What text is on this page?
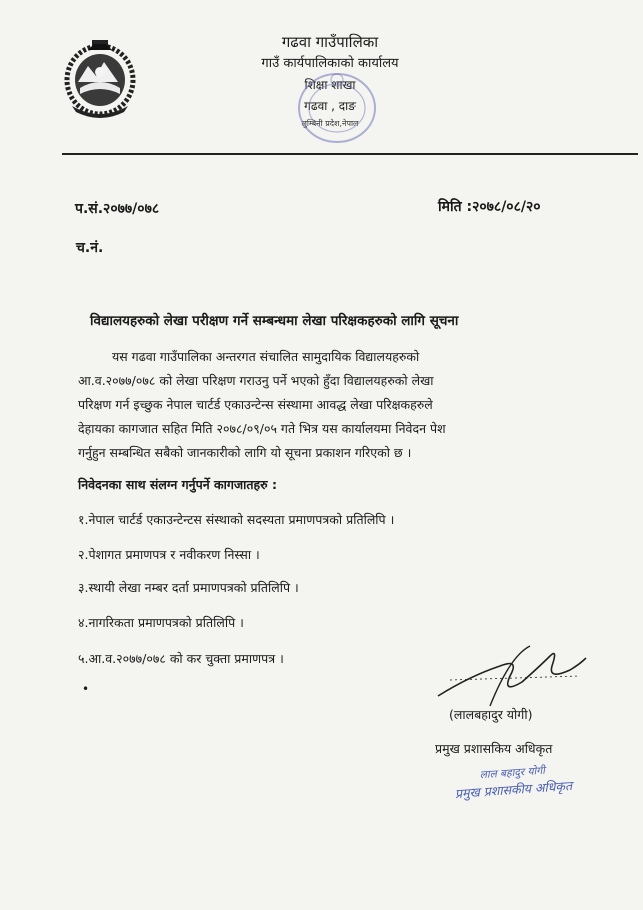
गढवा गाउँपालिका
गाउँ कार्यपालिकाको कार्यालय
शिक्षा शाखा
गढवा , दाङ
लुम्बिनी प्रदेश,नेपाल
प.सं.२०७७/०७८	मिति :२०७८/०८/२०
च.नं.
विद्यालयहरुको लेखा परीक्षण गर्ने सम्बन्धमा लेखा परिक्षकहरुको लागि सूचना
यस गढवा गाउँपालिका अन्तरगत संचालित सामुदायिक विद्यालयहरुको
आ.व.२०७७/०७८ को लेखा परिक्षण गराउनु पर्ने भएको हुँदा विद्यालयहरुको लेखा
परिक्षण गर्न इच्छुक नेपाल चार्टर्ड एकाउन्टेन्स संस्थामा आवद्ध लेखा परिक्षकहरुले
देहायका कागजात सहित मिति २०७८/०९/०५ गते भित्र यस कार्यालयमा निवेदन पेश
गर्नुहुन सम्बन्धित सबैको जानकारीको लागि यो सूचना प्रकाशन गरिएको छ ।
निवेदनका साथ संलग्न गर्नुपर्ने कागजातहरु :
१.नेपाल चार्टर्ड एकाउन्टेन्टस संस्थाको सदस्यता प्रमाणपत्रको प्रतिलिपि ।
२.पेशागत प्रमाणपत्र र नवीकरण निस्सा ।
३.स्थायी लेखा नम्बर दर्ता प्रमाणपत्रको प्रतिलिपि ।
४.नागरिकता प्रमाणपत्रको प्रतिलिपि ।
५.आ.व.२०७७/०७८ को कर चुक्ता प्रमाणपत्र ।
•
(लालबहादुर योगी)
प्रमुख प्रशासकिय अधिकृत
लाल बहादुर योगी
प्रमुख प्रशासकीय अधिकृत
